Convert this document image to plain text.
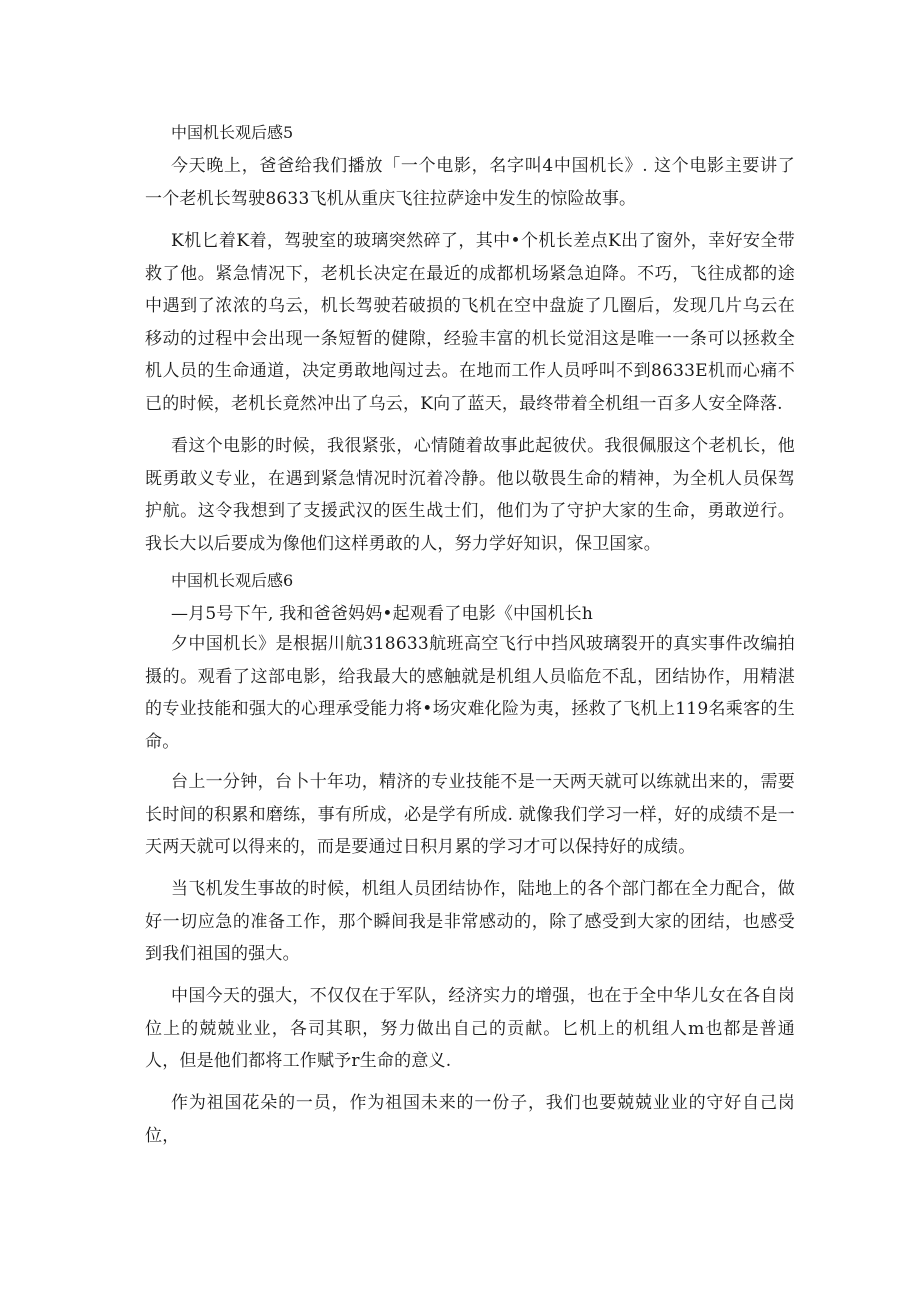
中国机长观后感5

今天晚上，爸爸给我们播放「一个电影，名字叫4中国机长》. 这个电影主要讲了一个老机长驾驶8633飞机从重庆飞往拉萨途中发生的惊险故事。

K机匕着K着，驾驶室的玻璃突然碎了，其中•个机长差点K出了窗外，幸好安全带救了他。紧急情况下，老机长决定在最近的成都机场紧急迫降。不巧，飞往成都的途中遇到了浓浓的乌云，机长驾驶若破损的飞机在空中盘旋了几圈后，发现几片乌云在移动的过程中会出现一条短暂的健隙，经验丰富的机长觉泪这是唯一一条可以拯救全机人员的生命通道，决定勇敢地闯过去。在地而工作人员呼叫不到8633E机而心痛不已的时候，老机长竟然冲出了乌云，K向了蓝天，最终带着全机组一百多人安全降落.

看这个电影的时候，我很紧张，心情随着故事此起彼伏。我很佩服这个老机长，他既勇敢义专业，在遇到紧急情况时沉着冷静。他以敬畏生命的精神，为全机人员保驾护航。这令我想到了支援武汉的医生战士们，他们为了守护大家的生命，勇敢逆行。我长大以后要成为像他们这样勇敢的人，努力学好知识，保卫国家。

中国机长观后感6

—月5号下午, 我和爸爸妈妈•起观看了电影《中国机长h

夕中国机长》是根据川航318633航班高空飞行中挡风玻璃裂开的真实事件改编拍摄的。观看了这部电影，给我最大的感触就是机组人员临危不乱，团结协作，用精湛的专业技能和强大的心理承受能力将•场灾难化险为夷，拯救了飞机上119名乘客的生命。

台上一分钟，台卜十年功，精济的专业技能不是一天两天就可以练就出来的，需要长时间的积累和磨练，事有所成，必是学有所成. 就像我们学习一样，好的成绩不是一天两天就可以得来的，而是要通过日积月累的学习才可以保持好的成绩。

当飞机发生事故的时候，机组人员团结协作，陆地上的各个部门都在全力配合，做好一切应急的准备工作，那个瞬间我是非常感动的，除了感受到大家的团结，也感受到我们祖国的强大。

中国今天的强大，不仅仅在于军队，经济实力的增强，也在于全中华儿女在各自岗位上的兢兢业业，各司其职，努力做出自己的贡献。匕机上的机组人m也都是普通人，但是他们都将工作赋予r生命的意义.

作为祖国花朵的一员，作为祖国未来的一份子，我们也要兢兢业业的守好自己岗位，
